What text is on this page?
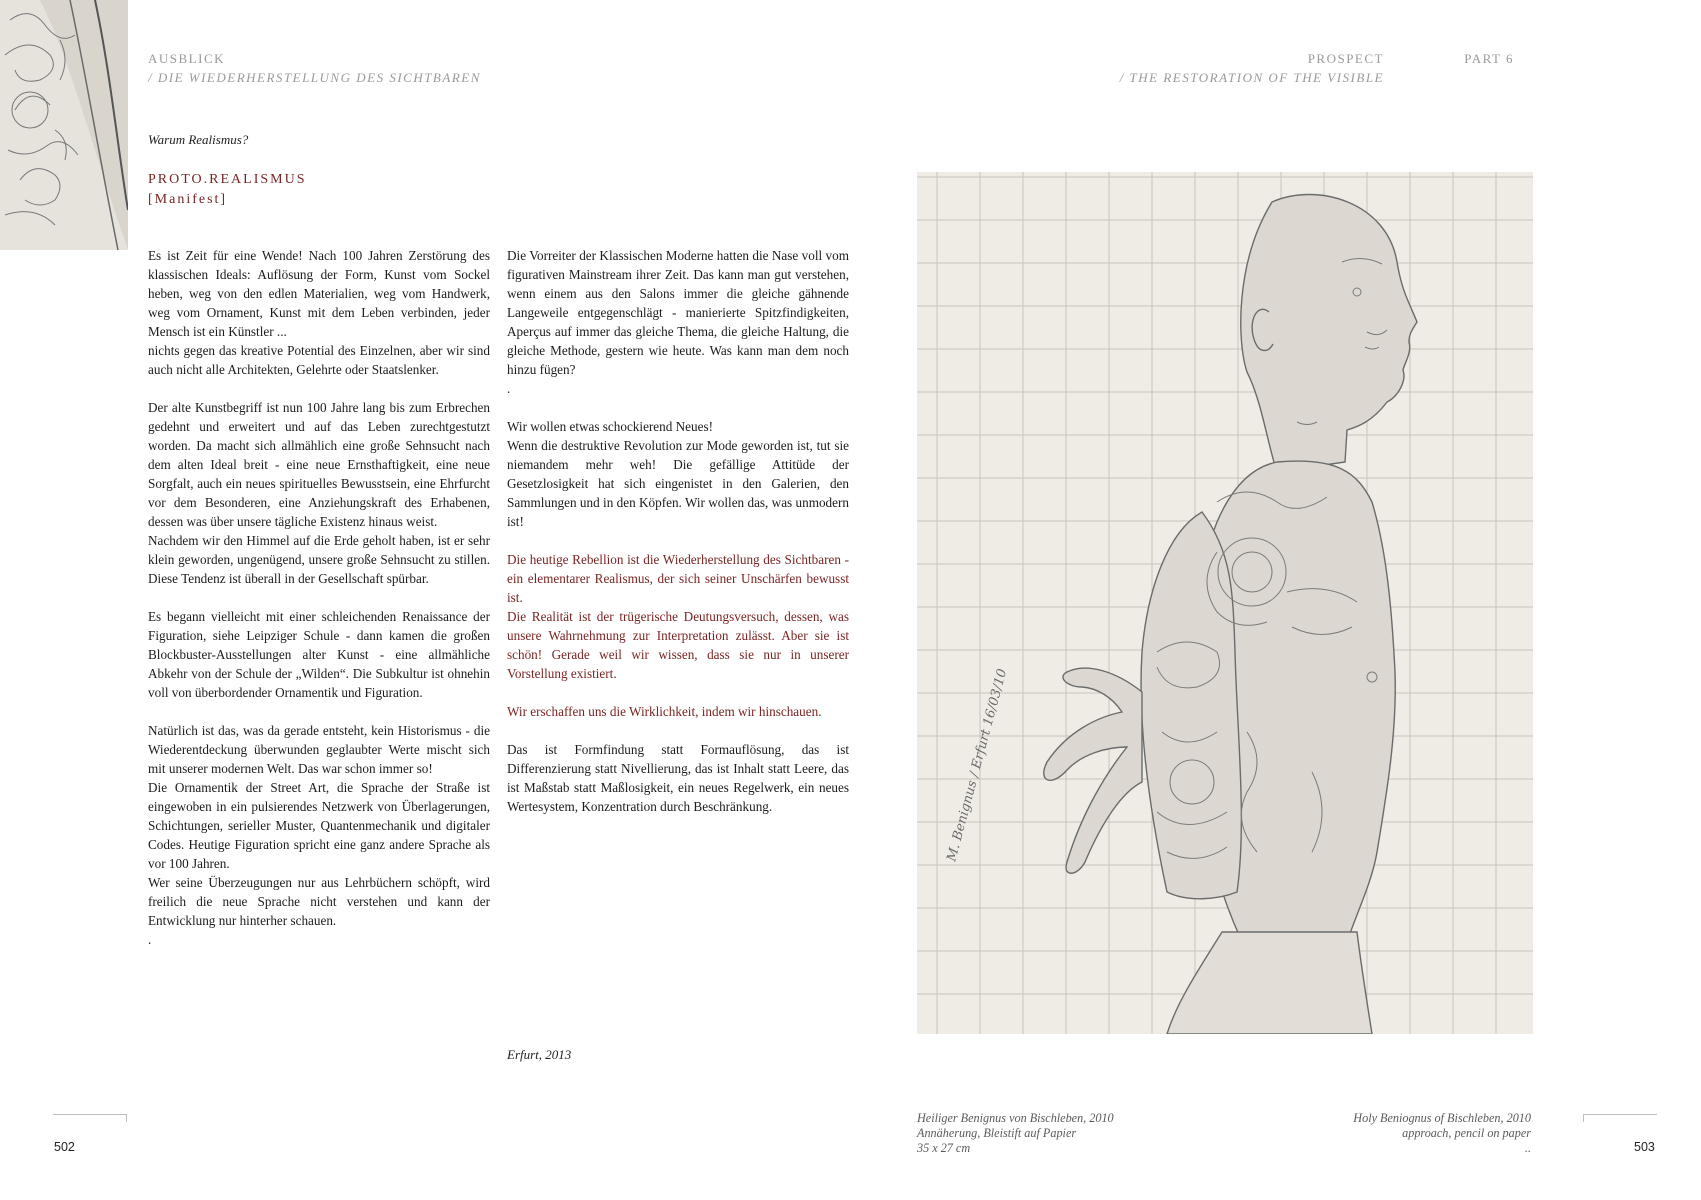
AUSBLICK
/ DIE WIEDERHERSTELLUNG DES SICHTBAREN
PROSPECT
/ THE RESTORATION OF THE VISIBLE
PART 6
Warum Realismus?
PROTO.REALISMUS
[Manifest]

Es ist Zeit für eine Wende! Nach 100 Jahren Zerstörung des klassischen Ideals: Auflösung der Form, Kunst vom Sockel heben, weg von den edlen Materialien, weg vom Handwerk, weg vom Ornament, Kunst mit dem Leben verbinden, jeder Mensch ist ein Künstler ...

nichts gegen das kreative Potential des Einzelnen, aber wir sind auch nicht alle Architekten, Gelehrte oder Staatslenker.

Der alte Kunstbegriff ist nun 100 Jahre lang bis zum Erbrechen gedehnt und erweitert und auf das Leben zurechtgestutzt worden. Da macht sich allmählich eine große Sehnsucht nach dem alten Ideal breit - eine neue Ernsthaftigkeit, eine neue Sorgfalt, auch ein neues spirituelles Bewusstsein, eine Ehrfurcht vor dem Besonderen, eine Anziehungskraft des Erhabenen, dessen was über unsere tägliche Existenz hinaus weist.

Nachdem wir den Himmel auf die Erde geholt haben, ist er sehr klein geworden, ungenügend, unsere große Sehnsucht zu stillen. Diese Tendenz ist überall in der Gesellschaft spürbar.

Es begann vielleicht mit einer schleichenden Renaissance der Figuration, siehe Leipziger Schule - dann kamen die großen Blockbuster-Ausstellungen alter Kunst - eine allmähliche Abkehr von der Schule der „Wilden“. Die Subkultur ist ohnehin voll von überbordender Ornamentik und Figuration.

Natürlich ist das, was da gerade entsteht, kein Historismus - die Wiederentdeckung überwunden geglaubter Werte mischt sich mit unserer modernen Welt. Das war schon immer so!

Die Ornamentik der Street Art, die Sprache der Straße ist eingewoben in ein pulsierendes Netzwerk von Überlagerungen, Schichtungen, serieller Muster, Quantenmechanik und digitaler Codes. Heutige Figuration spricht eine ganz andere Sprache als vor 100 Jahren.

Wer seine Überzeugungen nur aus Lehrbüchern schöpft, wird freilich die neue Sprache nicht verstehen und kann der Entwicklung nur hinterher schauen.

.

Die Vorreiter der Klassischen Moderne hatten die Nase voll vom figurativen Mainstream ihrer Zeit. Das kann man gut verstehen, wenn einem aus den Salons immer die gleiche gähnende Langeweile entgegenschlägt - manierierte Spitzfindigkeiten, Aperçus auf immer das gleiche Thema, die gleiche Haltung, die gleiche Methode, gestern wie heute. Was kann man dem noch hinzu fügen?

.

Wir wollen etwas schockierend Neues!

Wenn die destruktive Revolution zur Mode geworden ist, tut sie niemandem mehr weh! Die gefällige Attitüde der Gesetzlosigkeit hat sich eingenistet in den Galerien, den Sammlungen und in den Köpfen. Wir wollen das, was unmodern ist!

Die heutige Rebellion ist die Wiederherstellung des Sichtbaren - ein elementarer Realismus, der sich seiner Unschärfen bewusst ist.

Die Realität ist der trügerische Deutungsversuch, dessen, was unsere Wahrnehmung zur Interpretation zulässt. Aber sie ist schön! Gerade weil wir wissen, dass sie nur in unserer Vorstellung existiert.

Wir erschaffen uns die Wirklichkeit, indem wir hinschauen.

Das ist Formfindung statt Formauflösung, das ist Differenzierung statt Nivellierung, das ist Inhalt statt Leere, das ist Maßstab statt Maßlosigkeit, ein neues Regelwerk, ein neues Wertesystem, Konzentration durch Beschränkung.

Erfurt, 2013
M. Benignus / Erfurt 16/03/10
502	503
Heiliger Benignus von Bischleben, 2010
Annäherung, Bleistift auf Papier
35 x 27 cm
Holy Beniognus of Bischleben, 2010
approach, pencil on paper
..
